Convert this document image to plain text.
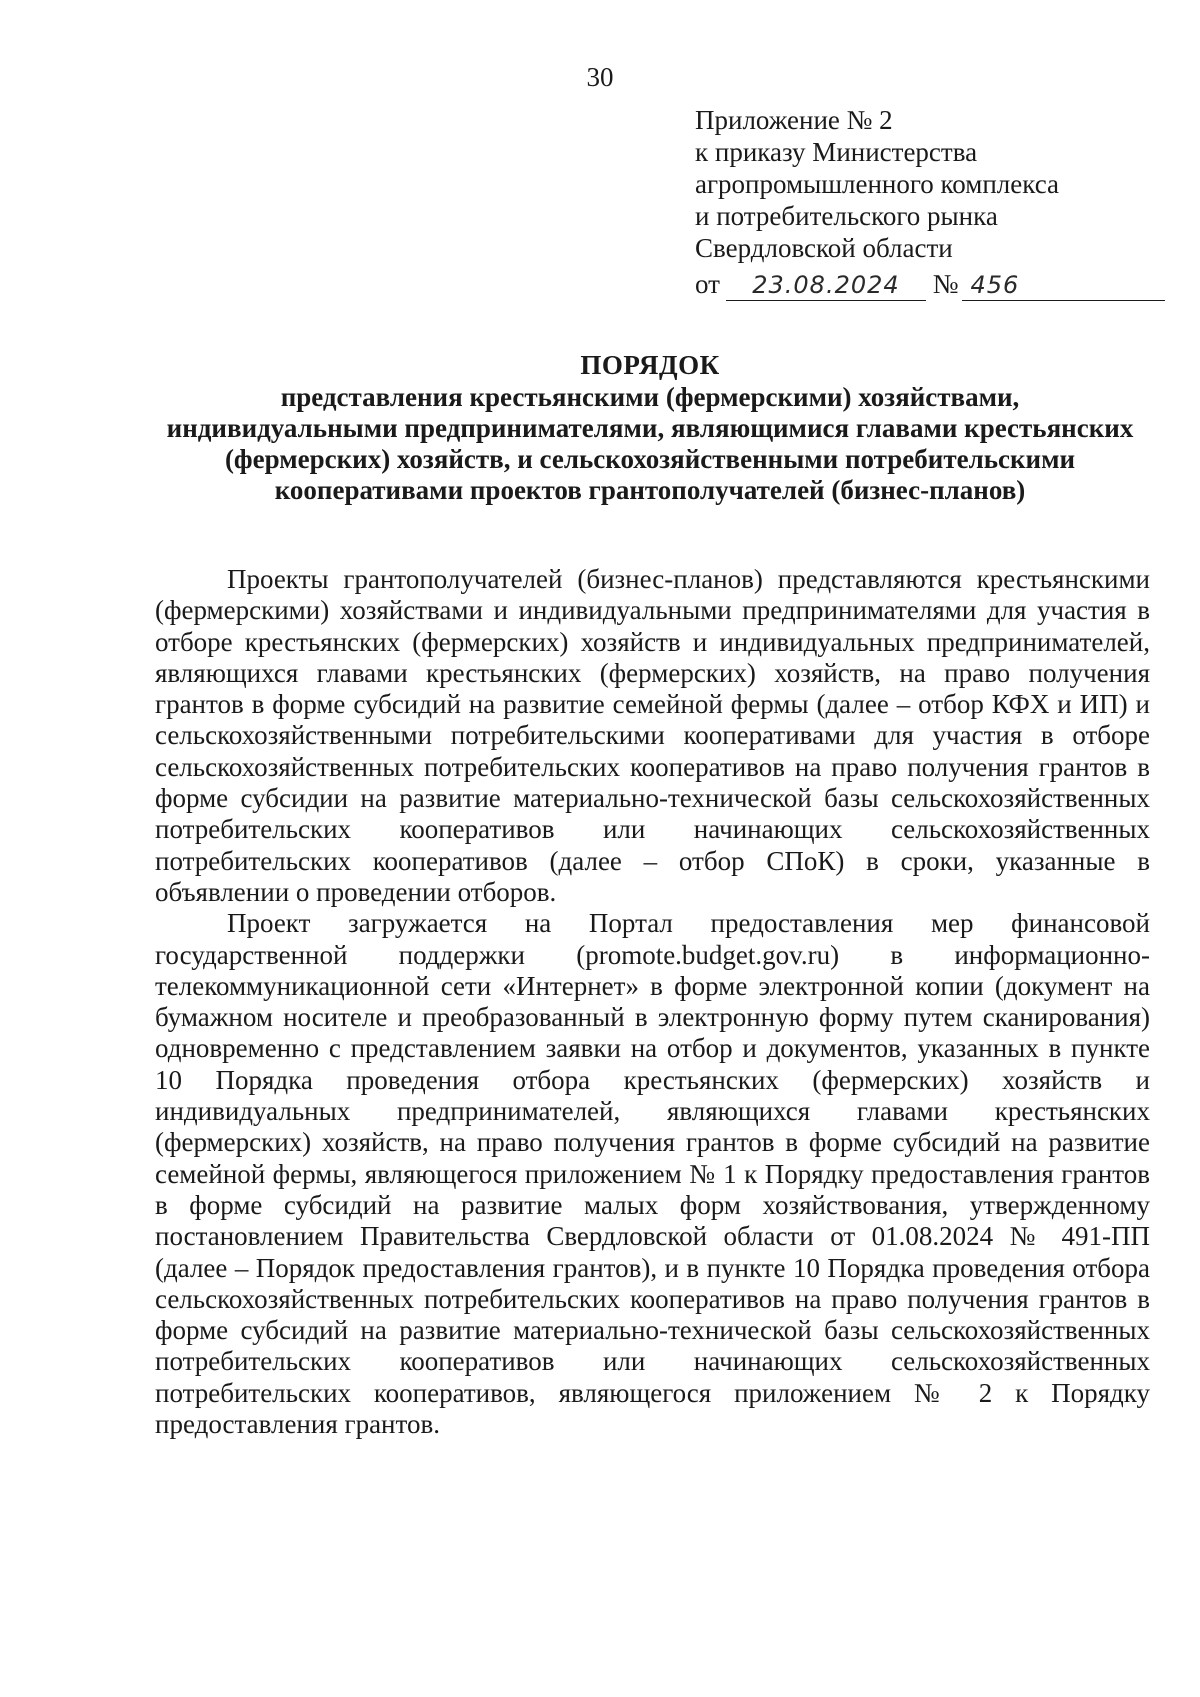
30
Приложение № 2
к приказу Министерства
агропромышленного комплекса
и потребительского рынка
Свердловской области
от 23.08.2024 № 456
ПОРЯДОК
представления крестьянскими (фермерскими) хозяйствами,
индивидуальными предпринимателями, являющимися главами крестьянских
(фермерских) хозяйств, и сельскохозяйственными потребительскими
кооперативами проектов грантополучателей (бизнес-планов)

Проекты грантополучателей (бизнес-планов) представляются крестьянскими (фермерскими) хозяйствами и индивидуальными предпринимателями для участия в отборе крестьянских (фермерских) хозяйств и индивидуальных предпринимателей, являющихся главами крестьянских (фермерских) хозяйств, на право получения грантов в форме субсидий на развитие семейной фермы (далее – отбор КФХ и ИП) и сельскохозяйственными потребительскими кооперативами для участия в отборе сельскохозяйственных потребительских кооперативов на право получения грантов в форме субсидии на развитие материально-технической базы сельскохозяйственных потребительских кооперативов или начинающих сельскохозяйственных потребительских кооперативов (далее – отбор СПоК) в сроки, указанные в объявлении о проведении отборов.

Проект загружается на Портал предоставления мер финансовой государственной поддержки (promote.budget.gov.ru) в информационно-телекоммуникационной сети «Интернет» в форме электронной копии (документ на бумажном носителе и преобразованный в электронную форму путем сканирования) одновременно с представлением заявки на отбор и документов, указанных в пункте 10 Порядка проведения отбора крестьянских (фермерских) хозяйств и индивидуальных предпринимателей, являющихся главами крестьянских (фермерских) хозяйств, на право получения грантов в форме субсидий на развитие семейной фермы, являющегося приложением № 1 к Порядку предоставления грантов в форме субсидий на развитие малых форм хозяйствования, утвержденному постановлением Правительства Свердловской области от 01.08.2024 № 491-ПП (далее – Порядок предоставления грантов), и в пункте 10 Порядка проведения отбора сельскохозяйственных потребительских кооперативов на право получения грантов в форме субсидий на развитие материально-технической базы сельскохозяйственных потребительских кооперативов или начинающих сельскохозяйственных потребительских кооперативов, являющегося приложением № 2 к Порядку предоставления грантов.
